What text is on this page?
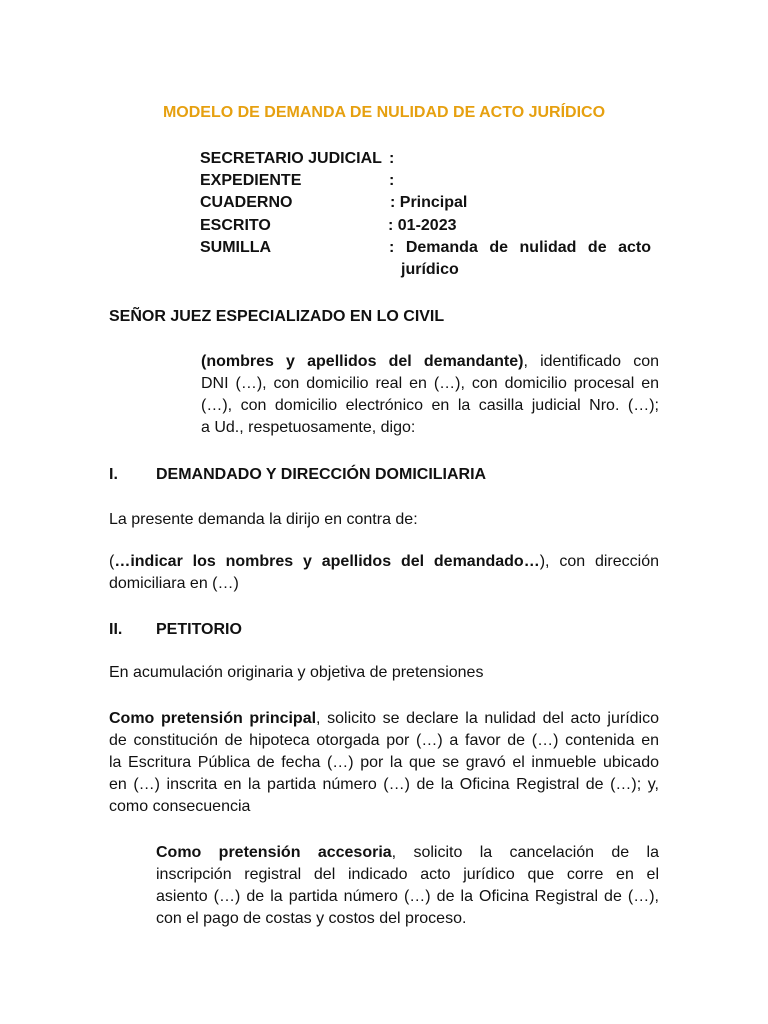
MODELO DE DEMANDA DE NULIDAD DE ACTO JURÍDICO
SECRETARIO JUDICIAL :
EXPEDIENTE	:
CUADERNO	: Principal
ESCRITO	: 01-2023
SUMILLA	: Demanda de nulidad de acto
jurídico
SEÑOR JUEZ ESPECIALIZADO EN LO CIVIL
(nombres y apellidos del demandante), identificado con
DNI (…), con domicilio real en (…), con domicilio procesal en
(…), con domicilio electrónico en la casilla judicial Nro. (…);
a Ud., respetuosamente, digo:
I. DEMANDADO Y DIRECCIÓN DOMICILIARIA
La presente demanda la dirijo en contra de:
(…indicar los nombres y apellidos del demandado…), con dirección
domiciliara en (…)
II. PETITORIO
En acumulación originaria y objetiva de pretensiones
Como pretensión principal, solicito se declare la nulidad del acto jurídico
de constitución de hipoteca otorgada por (…) a favor de (…) contenida en
la Escritura Pública de fecha (…) por la que se gravó el inmueble ubicado
en (…) inscrita en la partida número (…) de la Oficina Registral de (…); y,
como consecuencia
Como pretensión accesoria, solicito la cancelación de la
inscripción registral del indicado acto jurídico que corre en el
asiento (…) de la partida número (…) de la Oficina Registral de (…),
con el pago de costas y costos del proceso.
